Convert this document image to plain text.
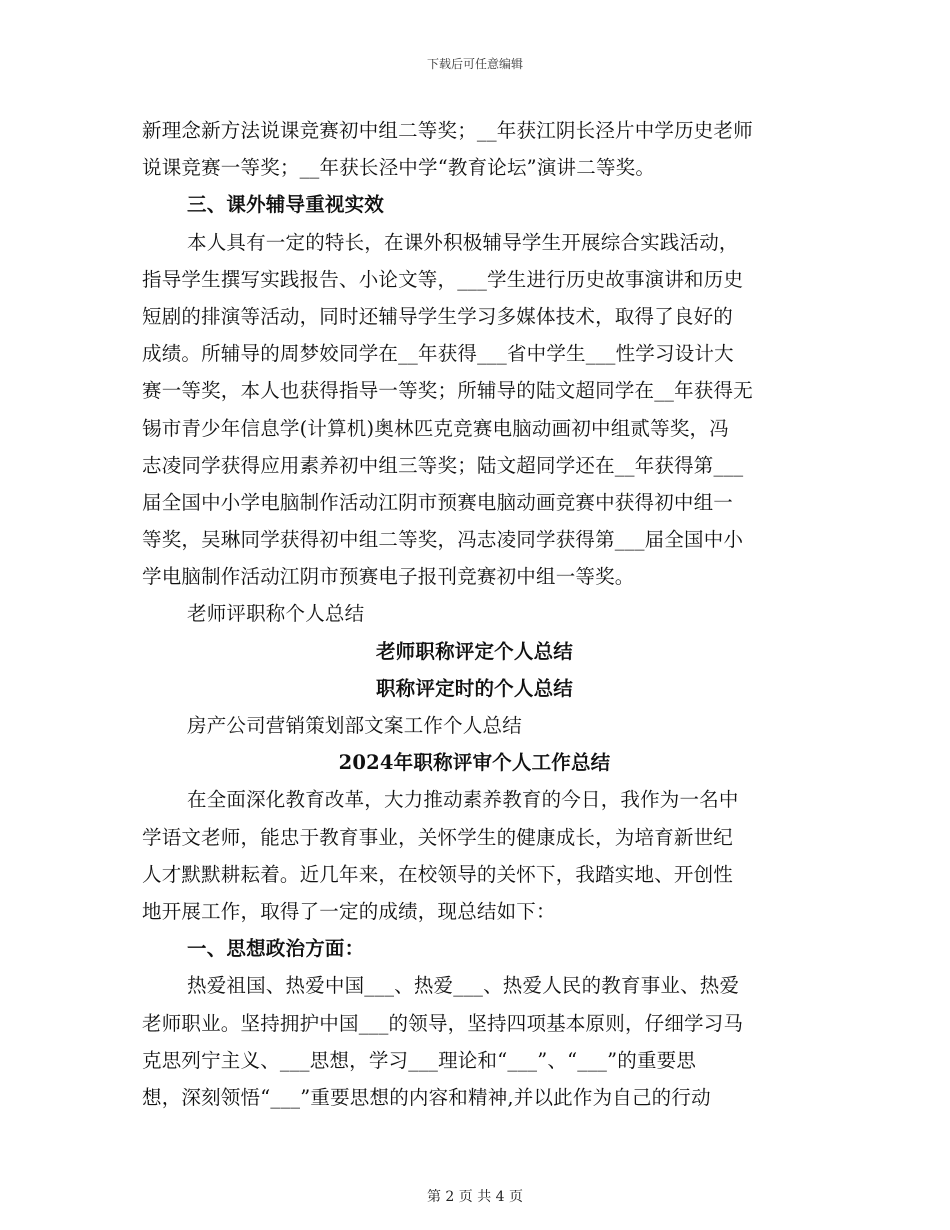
下载后可任意编辑
新理念新方法说课竞赛初中组二等奖；__年获江阴长泾片中学历史老师
说课竞赛一等奖；__年获长泾中学“教育论坛”演讲二等奖。
三、课外辅导重视实效
本人具有一定的特长，在课外积极辅导学生开展综合实践活动，
指导学生撰写实践报告、小论文等，___学生进行历史故事演讲和历史
短剧的排演等活动，同时还辅导学生学习多媒体技术，取得了良好的
成绩。所辅导的周梦姣同学在__年获得___省中学生___性学习设计大
赛一等奖，本人也获得指导一等奖；所辅导的陆文超同学在__年获得无
锡市青少年信息学(计算机)奥林匹克竞赛电脑动画初中组贰等奖，冯
志凌同学获得应用素养初中组三等奖；陆文超同学还在__年获得第___
届全国中小学电脑制作活动江阴市预赛电脑动画竞赛中获得初中组一
等奖，吴琳同学获得初中组二等奖，冯志凌同学获得第___届全国中小
学电脑制作活动江阴市预赛电子报刊竞赛初中组一等奖。
老师评职称个人总结
老师职称评定个人总结
职称评定时的个人总结
房产公司营销策划部文案工作个人总结
2024年职称评审个人工作总结
在全面深化教育改革，大力推动素养教育的今日，我作为一名中
学语文老师，能忠于教育事业，关怀学生的健康成长，为培育新世纪
人才默默耕耘着。近几年来，在校领导的关怀下，我踏实地、开创性
地开展工作，取得了一定的成绩，现总结如下：
一、思想政治方面：
热爱祖国、热爱中国___、热爱___、热爱人民的教育事业、热爱
老师职业。坚持拥护中国___的领导，坚持四项基本原则，仔细学习马
克思列宁主义、___思想，学习___理论和“___”、“___”的重要思
想，深刻领悟“___”重要思想的内容和精神,并以此作为自己的行动
第 2 页 共 4 页
